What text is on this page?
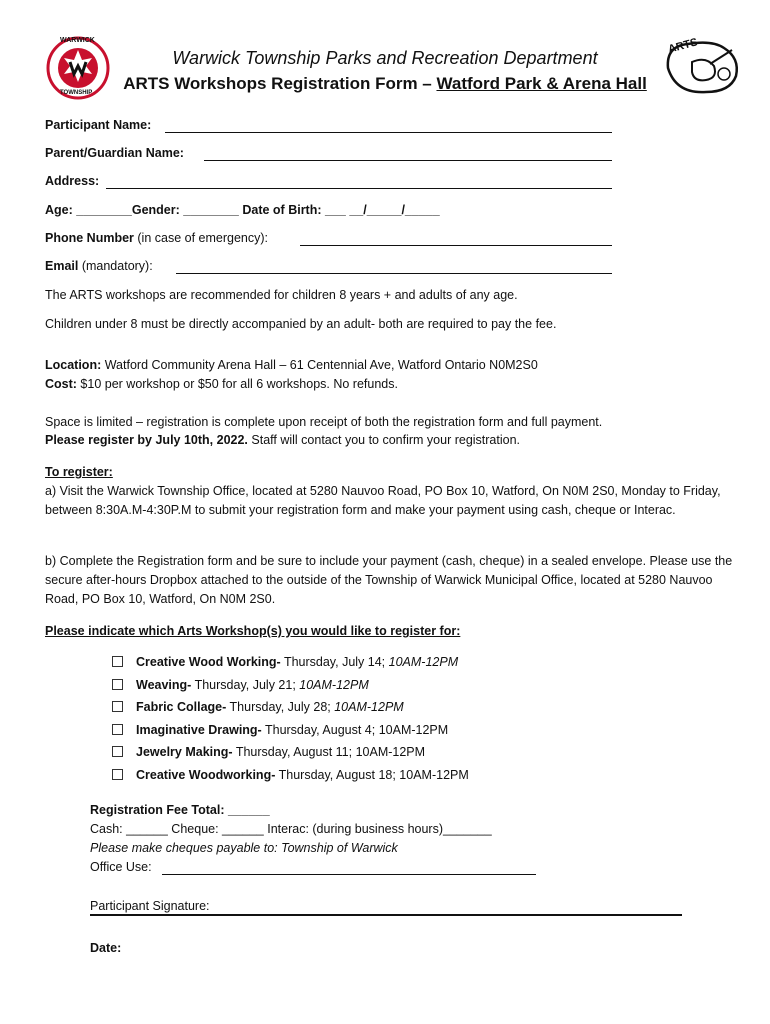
WARWICK
TOWNSHIP
ARTS
Warwick Township Parks and Recreation Department
ARTS Workshops Registration Form – Watford Park & Arena Hall
Participant Name:
Parent/Guardian Name:
Address:
Age: ________Gender: ________ Date of Birth: ___ __/_____/_____
Phone Number (in case of emergency):
Email (mandatory):
The ARTS workshops are recommended for children 8 years + and adults of any age.
Children under 8 must be directly accompanied by an adult- both are required to pay the fee.
Location: Watford Community Arena Hall – 61 Centennial Ave, Watford Ontario N0M2S0
Cost: $10 per workshop or $50 for all 6 workshops. No refunds.
Space is limited – registration is complete upon receipt of both the registration form and full payment.
Please register by July 10th, 2022. Staff will contact you to confirm your registration.
To register:
a) Visit the Warwick Township Office, located at 5280 Nauvoo Road, PO Box 10, Watford, On N0M 2S0, Monday to Friday, between 8:30A.M-4:30P.M to submit your registration form and make your payment using cash, cheque or Interac.
b) Complete the Registration form and be sure to include your payment (cash, cheque) in a sealed envelope. Please use the secure after-hours Dropbox attached to the outside of the Township of Warwick Municipal Office, located at 5280 Nauvoo Road, PO Box 10, Watford, On N0M 2S0.
Please indicate which Arts Workshop(s) you would like to register for:
Creative Wood Working- Thursday, July 14; 10AM-12PM
Weaving- Thursday, July 21; 10AM-12PM
Fabric Collage- Thursday, July 28; 10AM-12PM
Imaginative Drawing- Thursday, August 4; 10AM-12PM
Jewelry Making- Thursday, August 11; 10AM-12PM
Creative Woodworking- Thursday, August 18; 10AM-12PM
Registration Fee Total: ______
Cash: ______ Cheque: ______ Interac: (during business hours)_______
Please make cheques payable to: Township of Warwick
Office Use:
Participant Signature:
Date:
